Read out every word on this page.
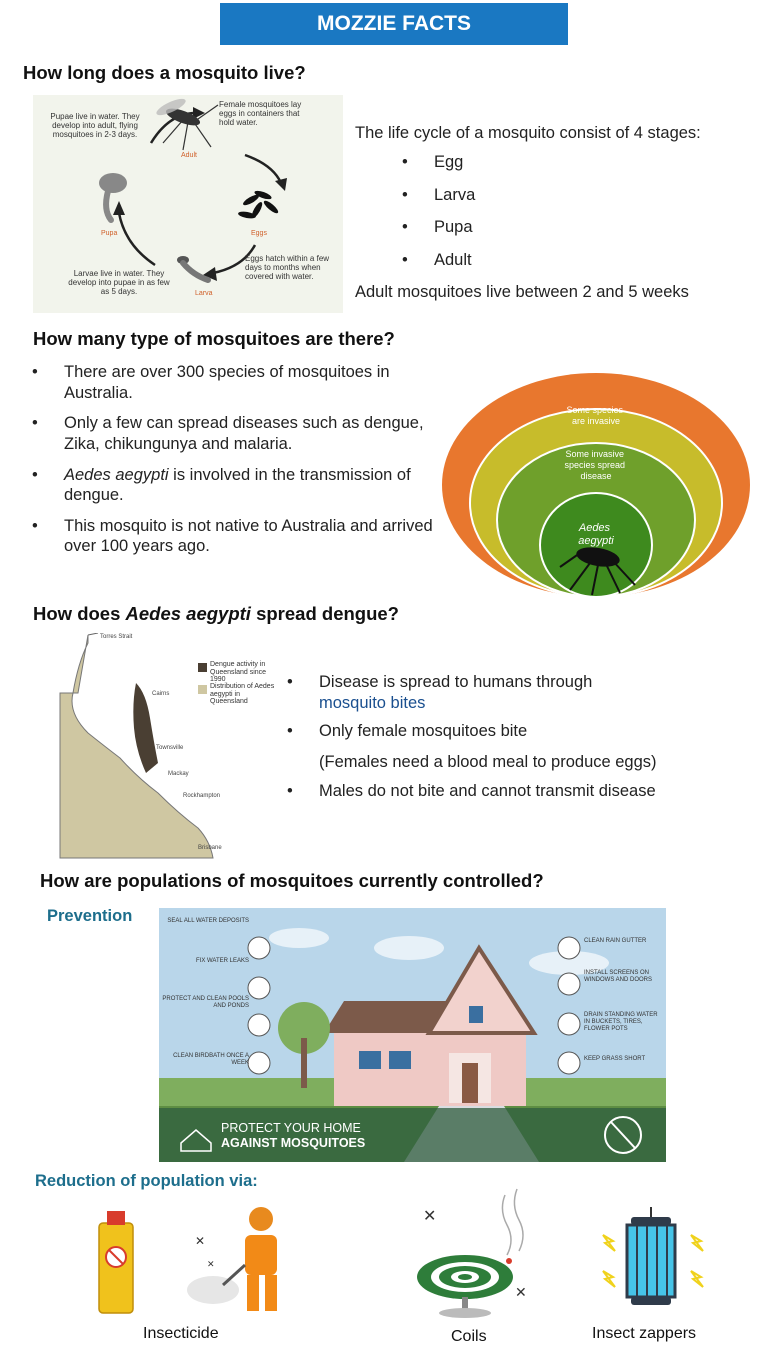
MOZZIE FACTS
How long does a mosquito live?
Adult
Eggs
Larva
Pupa
Female mosquitoes lay eggs in containers that hold water.
Eggs hatch within a few days to months when covered with water.
Larvae live in water. They develop into pupae in as few as 5 days.
Pupae live in water. They develop into adult, flying mosquitoes in 2-3 days.	The life cycle of a mosquito consist of 4 stages:
• Egg
• Larva
• Pupa
• Adult
Adult mosquitoes live between 2 and 5 weeks
How many type of mosquitoes are there?
• There are over 300 species of mosquitoes in Australia.
• Only a few can spread diseases such as dengue, Zika, chikungunya and malaria.
• Aedes aegypti is involved in the transmission of dengue.
• This mosquito is not native to Australia and arrived over 100 years ago.
300+ types/species
Some species are invasive
Some invasive species spread disease
Aedes aegypti
How does Aedes aegypti spread dengue?
Dengue activity in Queensland since 1990
Distribution of Aedes aegypti in Queensland
Torres Strait
Cairns
Townsville
Mackay
Rockhampton
Brisbane
• Disease is spread to humans through
mosquito bites
• Only female mosquitoes bite
(Females need a blood meal to produce eggs)
• Males do not bite and cannot transmit disease
How are populations of mosquitoes currently controlled?
Prevention	SEAL ALL WATER DEPOSITS
FIX WATER LEAKS
PROTECT AND CLEAN POOLS AND PONDS
CLEAN BIRDBATH ONCE A WEEK
CLEAN RAIN GUTTER
INSTALL SCREENS ON WINDOWS AND DOORS
DRAIN STANDING WATER IN BUCKETS, TIRES, FLOWER POTS
KEEP GRASS SHORT
PROTECT YOUR HOME
AGAINST MOSQUITOES
Reduction of population via:
✕
✕
Insecticide
✕
✕
Coils	Insect zappers
